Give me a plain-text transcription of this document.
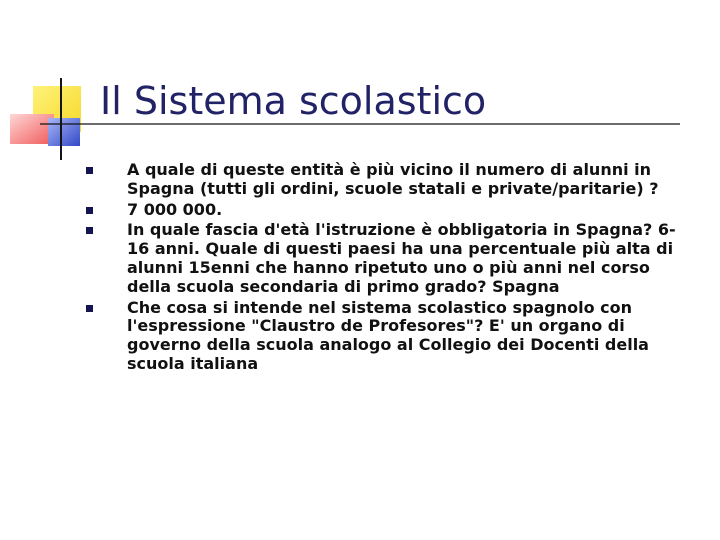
Il Sistema scolastico
A quale di queste entità è più vicino il numero di alunni in Spagna (tutti gli ordini, scuole statali e private/paritarie) ?
7 000 000.
In quale fascia d'età l'istruzione è obbligatoria in Spagna? 6- 16 anni. Quale di questi paesi ha una percentuale più alta di alunni 15enni che hanno ripetuto uno o più anni nel corso della scuola secondaria di primo grado? Spagna
Che cosa si intende nel sistema scolastico spagnolo con l'espressione "Claustro de Profesores"? E' un organo di governo della scuola analogo al Collegio dei Docenti della scuola italiana
